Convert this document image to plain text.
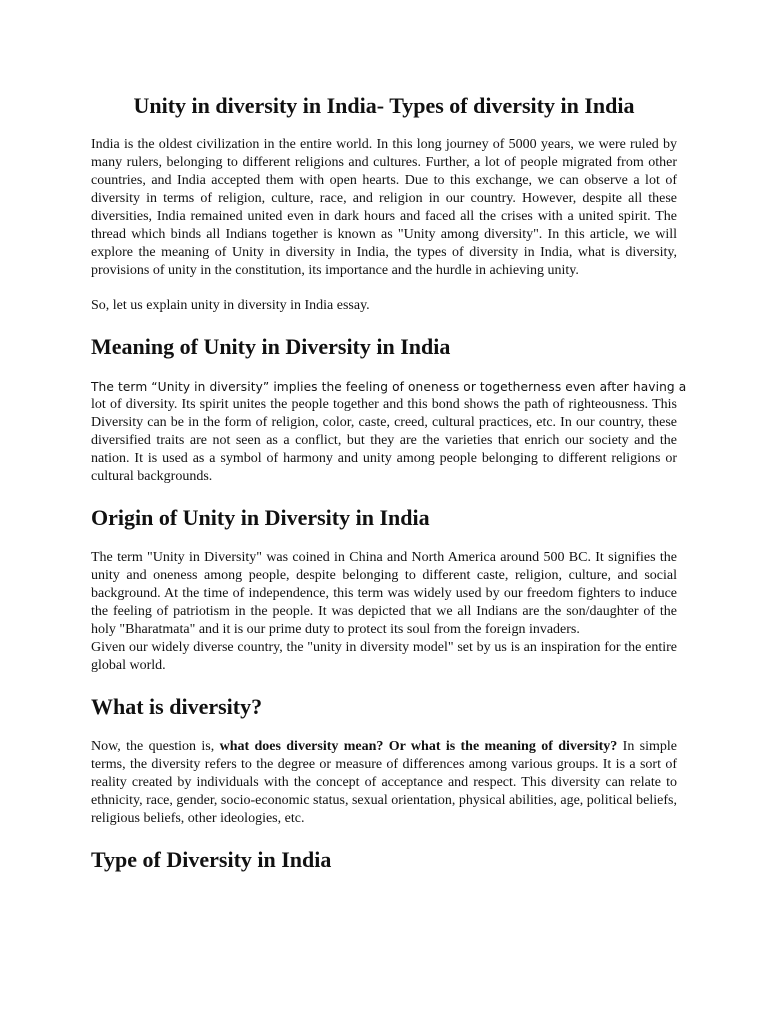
Unity in diversity in India- Types of diversity in India

India is the oldest civilization in the entire world. In this long journey of 5000 years, we were ruled by many rulers, belonging to different religions and cultures. Further, a lot of people migrated from other countries, and India accepted them with open hearts. Due to this exchange, we can observe a lot of diversity in terms of religion, culture, race, and religion in our country. However, despite all these diversities, India remained united even in dark hours and faced all the crises with a united spirit. The thread which binds all Indians together is known as "Unity among diversity". In this article, we will explore the meaning of Unity in diversity in India, the types of diversity in India, what is diversity, provisions of unity in the constitution, its importance and the hurdle in achieving unity.

So, let us explain unity in diversity in India essay.

Meaning of Unity in Diversity in India

The term “Unity in diversity” implies the feeling of oneness or togetherness even after having a

lot of diversity. Its spirit unites the people together and this bond shows the path of righteousness. This Diversity can be in the form of religion, color, caste, creed, cultural practices, etc. In our country, these diversified traits are not seen as a conflict, but they are the varieties that enrich our society and the nation. It is used as a symbol of harmony and unity among people belonging to different religions or cultural backgrounds.

Origin of Unity in Diversity in India

The term "Unity in Diversity" was coined in China and North America around 500 BC. It signifies the unity and oneness among people, despite belonging to different caste, religion, culture, and social background. At the time of independence, this term was widely used by our freedom fighters to induce the feeling of patriotism in the people. It was depicted that we all Indians are the son/daughter of the holy "Bharatmata" and it is our prime duty to protect its soul from the foreign invaders.

Given our widely diverse country, the "unity in diversity model" set by us is an inspiration for the entire global world.

What is diversity?

Now, the question is, what does diversity mean? Or what is the meaning of diversity? In simple terms, the diversity refers to the degree or measure of differences among various groups. It is a sort of reality created by individuals with the concept of acceptance and respect. This diversity can relate to ethnicity, race, gender, socio-economic status, sexual orientation, physical abilities, age, political beliefs, religious beliefs, other ideologies, etc.

Type of Diversity in India
